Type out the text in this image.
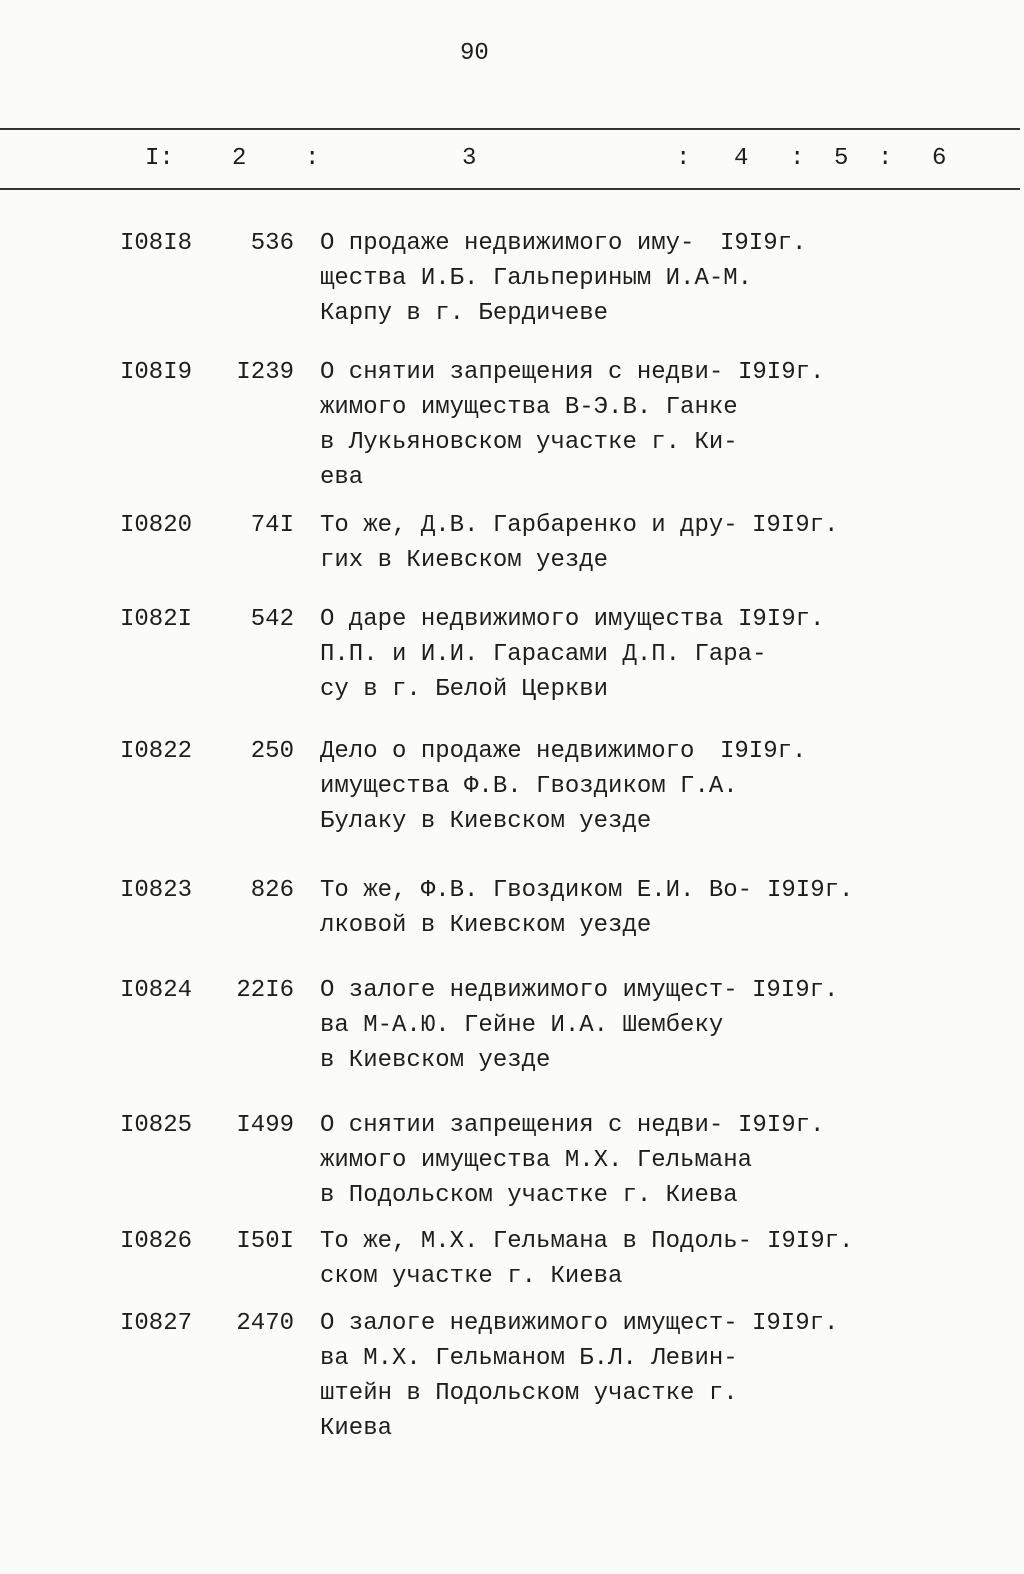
90
I: 2 :	3	: 4 : 5 : 6
I08I8 536 О продаже недвижимого иму-
щества И.Б. Гальпериным И.А-М.
Карпу в г. Бердичеве
I9I9г.
I08I9 I239 О снятии запрещения с недви-
жимого имущества В-Э.В. Ганке
в Лукьяновском участке г. Ки-
ева
I9I9г.
I0820 74I То же, Д.В. Гарбаренко и дру-
гих в Киевском уезде
I9I9г.
I082I 542 О даре недвижимого имущества
П.П. и И.И. Гарасами Д.П. Гара-
су в г. Белой Церкви
I9I9г.
I0822 250 Дело о продаже недвижимого
имущества Ф.В. Гвоздиком Г.А.
Булаку в Киевском уезде
I9I9г.
I0823 826 То же, Ф.В. Гвоздиком Е.И. Во-
лковой в Киевском уезде
I9I9г.
I0824 22I6 О залоге недвижимого имущест-
ва М-А.Ю. Гейне И.А. Шембеку
в Киевском уезде
I9I9г.
I0825 I499 О снятии запрещения с недви-
жимого имущества М.Х. Гельмана
в Подольском участке г. Киева
I9I9г.
I0826 I50I То же, М.Х. Гельмана в Подоль-
ском участке г. Киева
I9I9г.
I0827 2470 О залоге недвижимого имущест-
ва М.Х. Гельманом Б.Л. Левин-
штейн в Подольском участке г.
Киева
I9I9г.
